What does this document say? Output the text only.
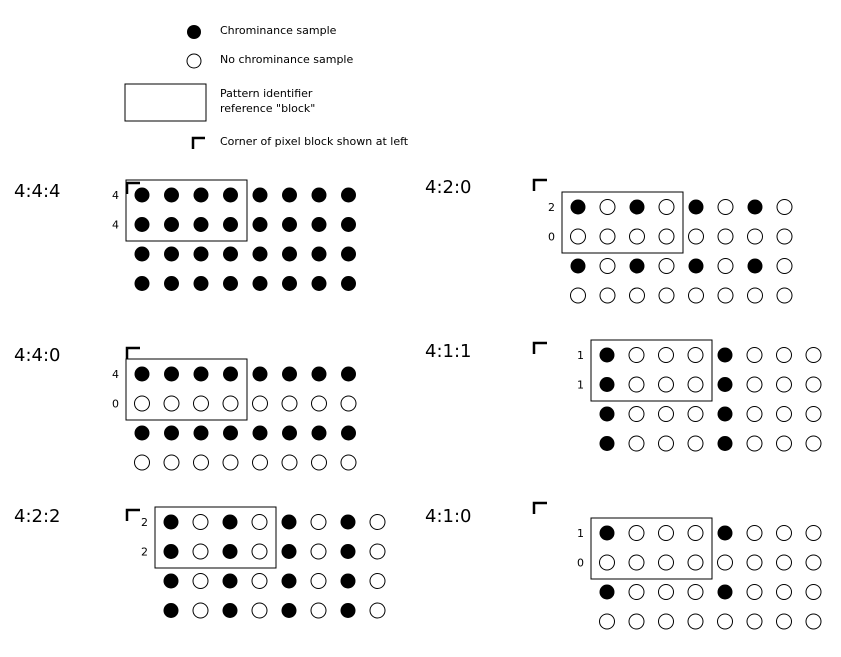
Chrominance sample
No chrominance sample
Pattern identifier
reference "block"
Corner of pixel block shown at left
4:4:4	4
4
4:2:0
2
0
4:4:0
4
0
4:1:1	1
1
4:2:2	2
2
4:1:0
1
0
